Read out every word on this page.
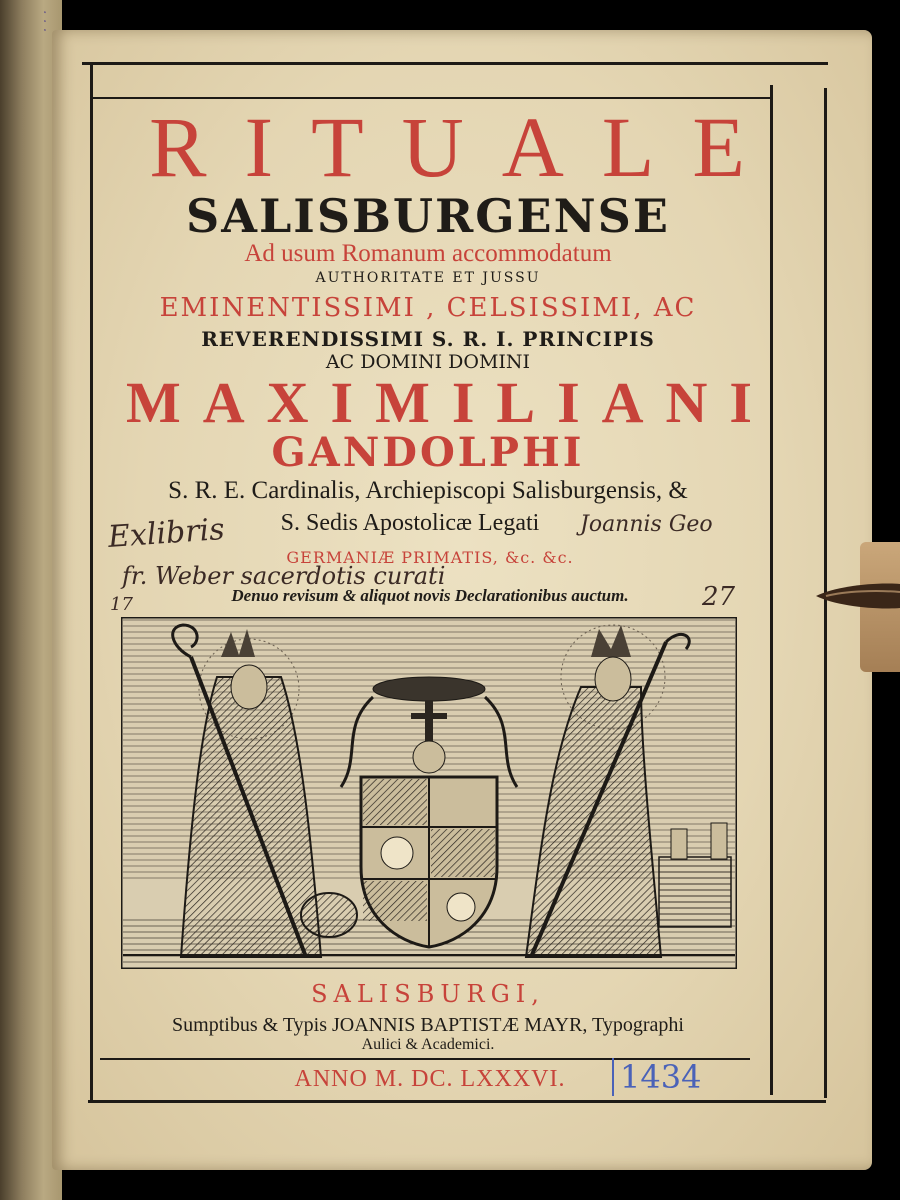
· · ·
RITUALE
SALISBURGENSE
Ad usum Romanum accommodatum
AUTHORITATE ET JUSSU
EMINENTISSIMI , CELSISSIMI, AC
REVERENDISSIMI S. R. I. PRINCIPIS
AC DOMINI DOMINI
MAXIMILIANI
GANDOLPHI
S. R. E. Cardinalis, Archiepiscopi Salisburgensis, &
S. Sedis Apostolicæ Legati
GERMANIÆ PRIMATIS, &c. &c.
Denuo revisum & aliquot novis Declarationibus auctum.
Exlibris	Joannis Geo
fr. Weber sacerdotis curati
17	27
SALISBURGI,
Sumptibus & Typis JOANNIS BAPTISTÆ MAYR, Typographi
Aulici & Academici.
ANNO M. DC. LXXXVI.	1434
